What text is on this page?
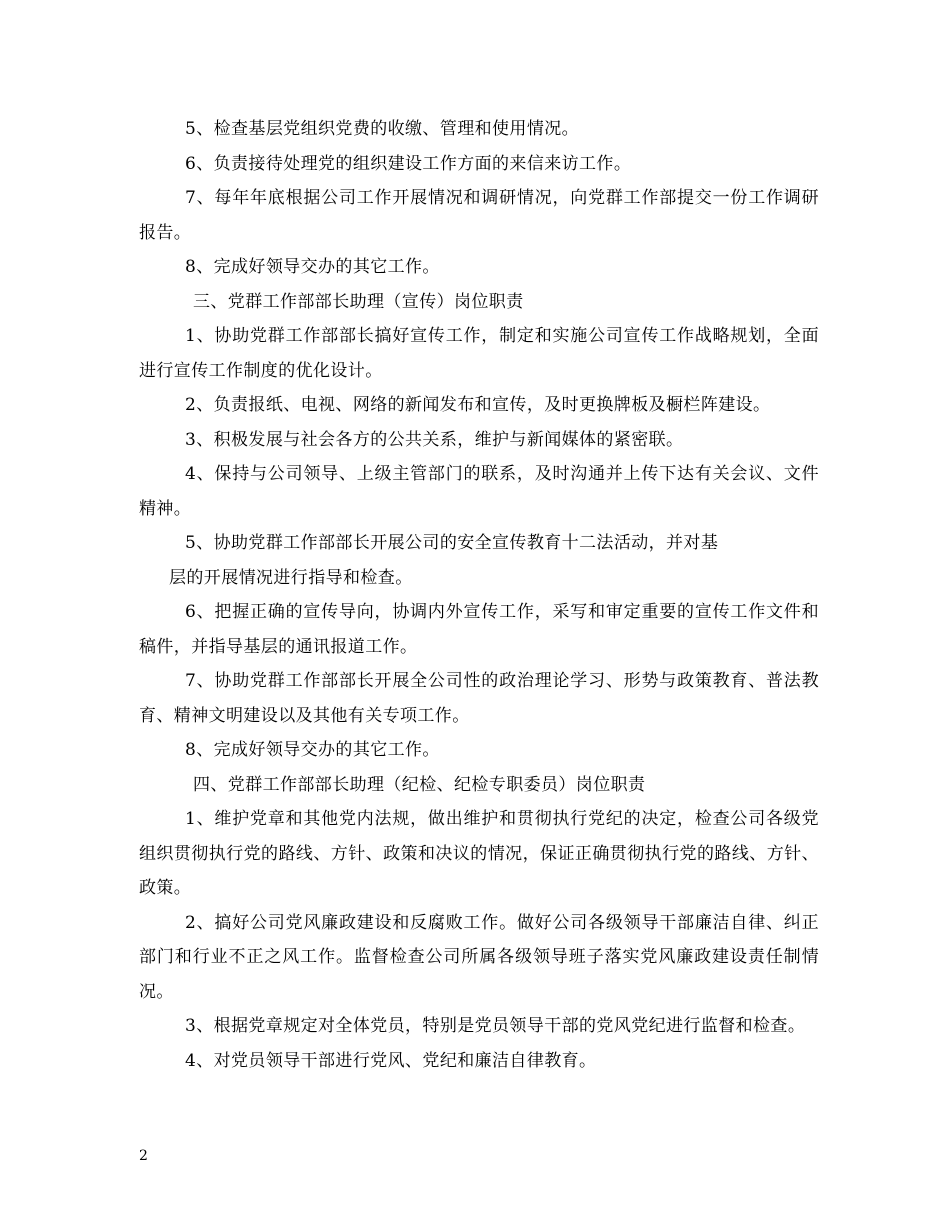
5、检查基层党组织党费的收缴、管理和使用情况。

6、负责接待处理党的组织建设工作方面的来信来访工作。

7、每年年底根据公司工作开展情况和调研情况，向党群工作部提交一份工作调研报告。

8、完成好领导交办的其它工作。

三、党群工作部部长助理（宣传）岗位职责

1、协助党群工作部部长搞好宣传工作，制定和实施公司宣传工作战略规划，全面进行宣传工作制度的优化设计。

2、负责报纸、电视、网络的新闻发布和宣传，及时更换牌板及橱栏阵建设。

3、积极发展与社会各方的公共关系，维护与新闻媒体的紧密联。

4、保持与公司领导、上级主管部门的联系，及时沟通并上传下达有关会议、文件精神。

5、协助党群工作部部长开展公司的安全宣传教育十二法活动，并对基

层的开展情况进行指导和检查。

6、把握正确的宣传导向，协调内外宣传工作，采写和审定重要的宣传工作文件和稿件，并指导基层的通讯报道工作。

7、协助党群工作部部长开展全公司性的政治理论学习、形势与政策教育、普法教育、精神文明建设以及其他有关专项工作。

8、完成好领导交办的其它工作。

四、党群工作部部长助理（纪检、纪检专职委员）岗位职责

1、维护党章和其他党内法规，做出维护和贯彻执行党纪的决定，检查公司各级党组织贯彻执行党的路线、方针、政策和决议的情况，保证正确贯彻执行党的路线、方针、政策。

2、搞好公司党风廉政建设和反腐败工作。做好公司各级领导干部廉洁自律、纠正部门和行业不正之风工作。监督检查公司所属各级领导班子落实党风廉政建设责任制情况。

3、根据党章规定对全体党员，特别是党员领导干部的党风党纪进行监督和检查。

4、对党员领导干部进行党风、党纪和廉洁自律教育。

2
